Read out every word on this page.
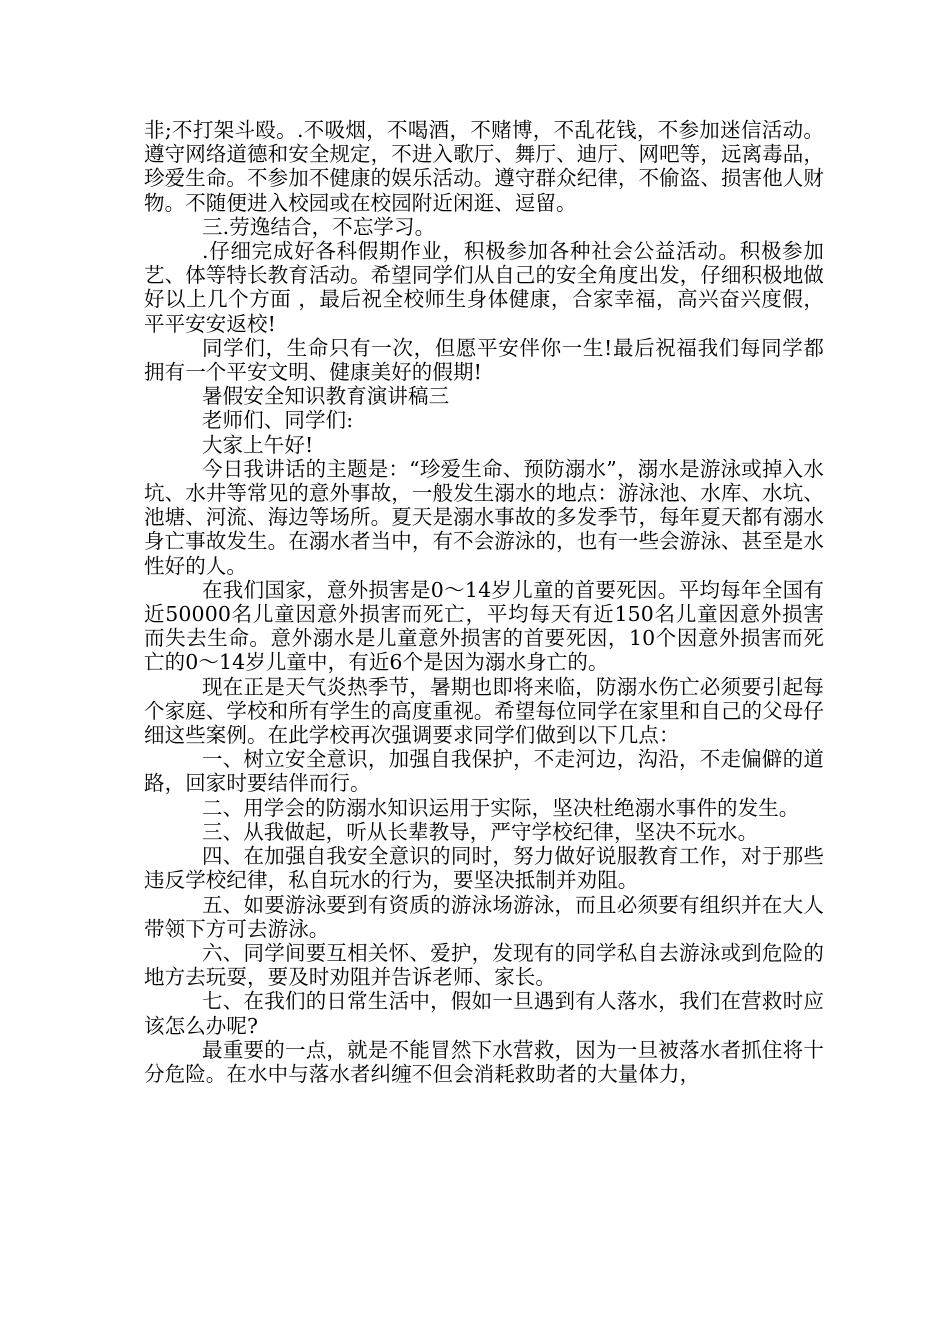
非;不打架斗殴。.不吸烟，不喝酒，不赌博，不乱花钱，不参加迷信活动。遵守网络道德和安全规定，不进入歌厅、舞厅、迪厅、网吧等，远离毒品，珍爱生命。不参加不健康的娱乐活动。遵守群众纪律，不偷盗、损害他人财物。不随便进入校园或在校园附近闲逛、逗留。

三.劳逸结合，不忘学习。

.仔细完成好各科假期作业，积极参加各种社会公益活动。积极参加艺、体等特长教育活动。希望同学们从自己的安全角度出发，仔细积极地做好以上几个方面 ，最后祝全校师生身体健康，合家幸福，高兴奋兴度假，平平安安返校!

同学们，生命只有一次，但愿平安伴你一生!最后祝福我们每同学都拥有一个平安文明、健康美好的假期!

暑假安全知识教育演讲稿三

老师们、同学们:

大家上午好!

今日我讲话的主题是：“珍爱生命、预防溺水”，溺水是游泳或掉入水坑、水井等常见的意外事故，一般发生溺水的地点：游泳池、水库、水坑、池塘、河流、海边等场所。夏天是溺水事故的多发季节，每年夏天都有溺水身亡事故发生。在溺水者当中，有不会游泳的，也有一些会游泳、甚至是水性好的人。

在我们国家，意外损害是0～14岁儿童的首要死因。平均每年全国有近50000名儿童因意外损害而死亡，平均每天有近150名儿童因意外损害而失去生命。意外溺水是儿童意外损害的首要死因，10个因意外损害而死亡的0～14岁儿童中，有近6个是因为溺水身亡的。

现在正是天气炎热季节，暑期也即将来临，防溺水伤亡必须要引起每个家庭、学校和所有学生的高度重视。希望每位同学在家里和自己的父母仔细这些案例。在此学校再次强调要求同学们做到以下几点：

一、树立安全意识，加强自我保护，不走河边，沟沿，不走偏僻的道路，回家时要结伴而行。

二、用学会的防溺水知识运用于实际，坚决杜绝溺水事件的发生。

三、从我做起，听从长辈教导，严守学校纪律，坚决不玩水。

四、在加强自我安全意识的同时，努力做好说服教育工作，对于那些违反学校纪律，私自玩水的行为，要坚决抵制并劝阻。

五、如要游泳要到有资质的游泳场游泳，而且必须要有组织并在大人带领下方可去游泳。

六、同学间要互相关怀、爱护，发现有的同学私自去游泳或到危险的地方去玩耍，要及时劝阻并告诉老师、家长。

七、在我们的日常生活中，假如一旦遇到有人落水，我们在营救时应该怎么办呢?

最重要的一点，就是不能冒然下水营救，因为一旦被落水者抓住将十分危险。在水中与落水者纠缠不但会消耗救助者的大量体力，
